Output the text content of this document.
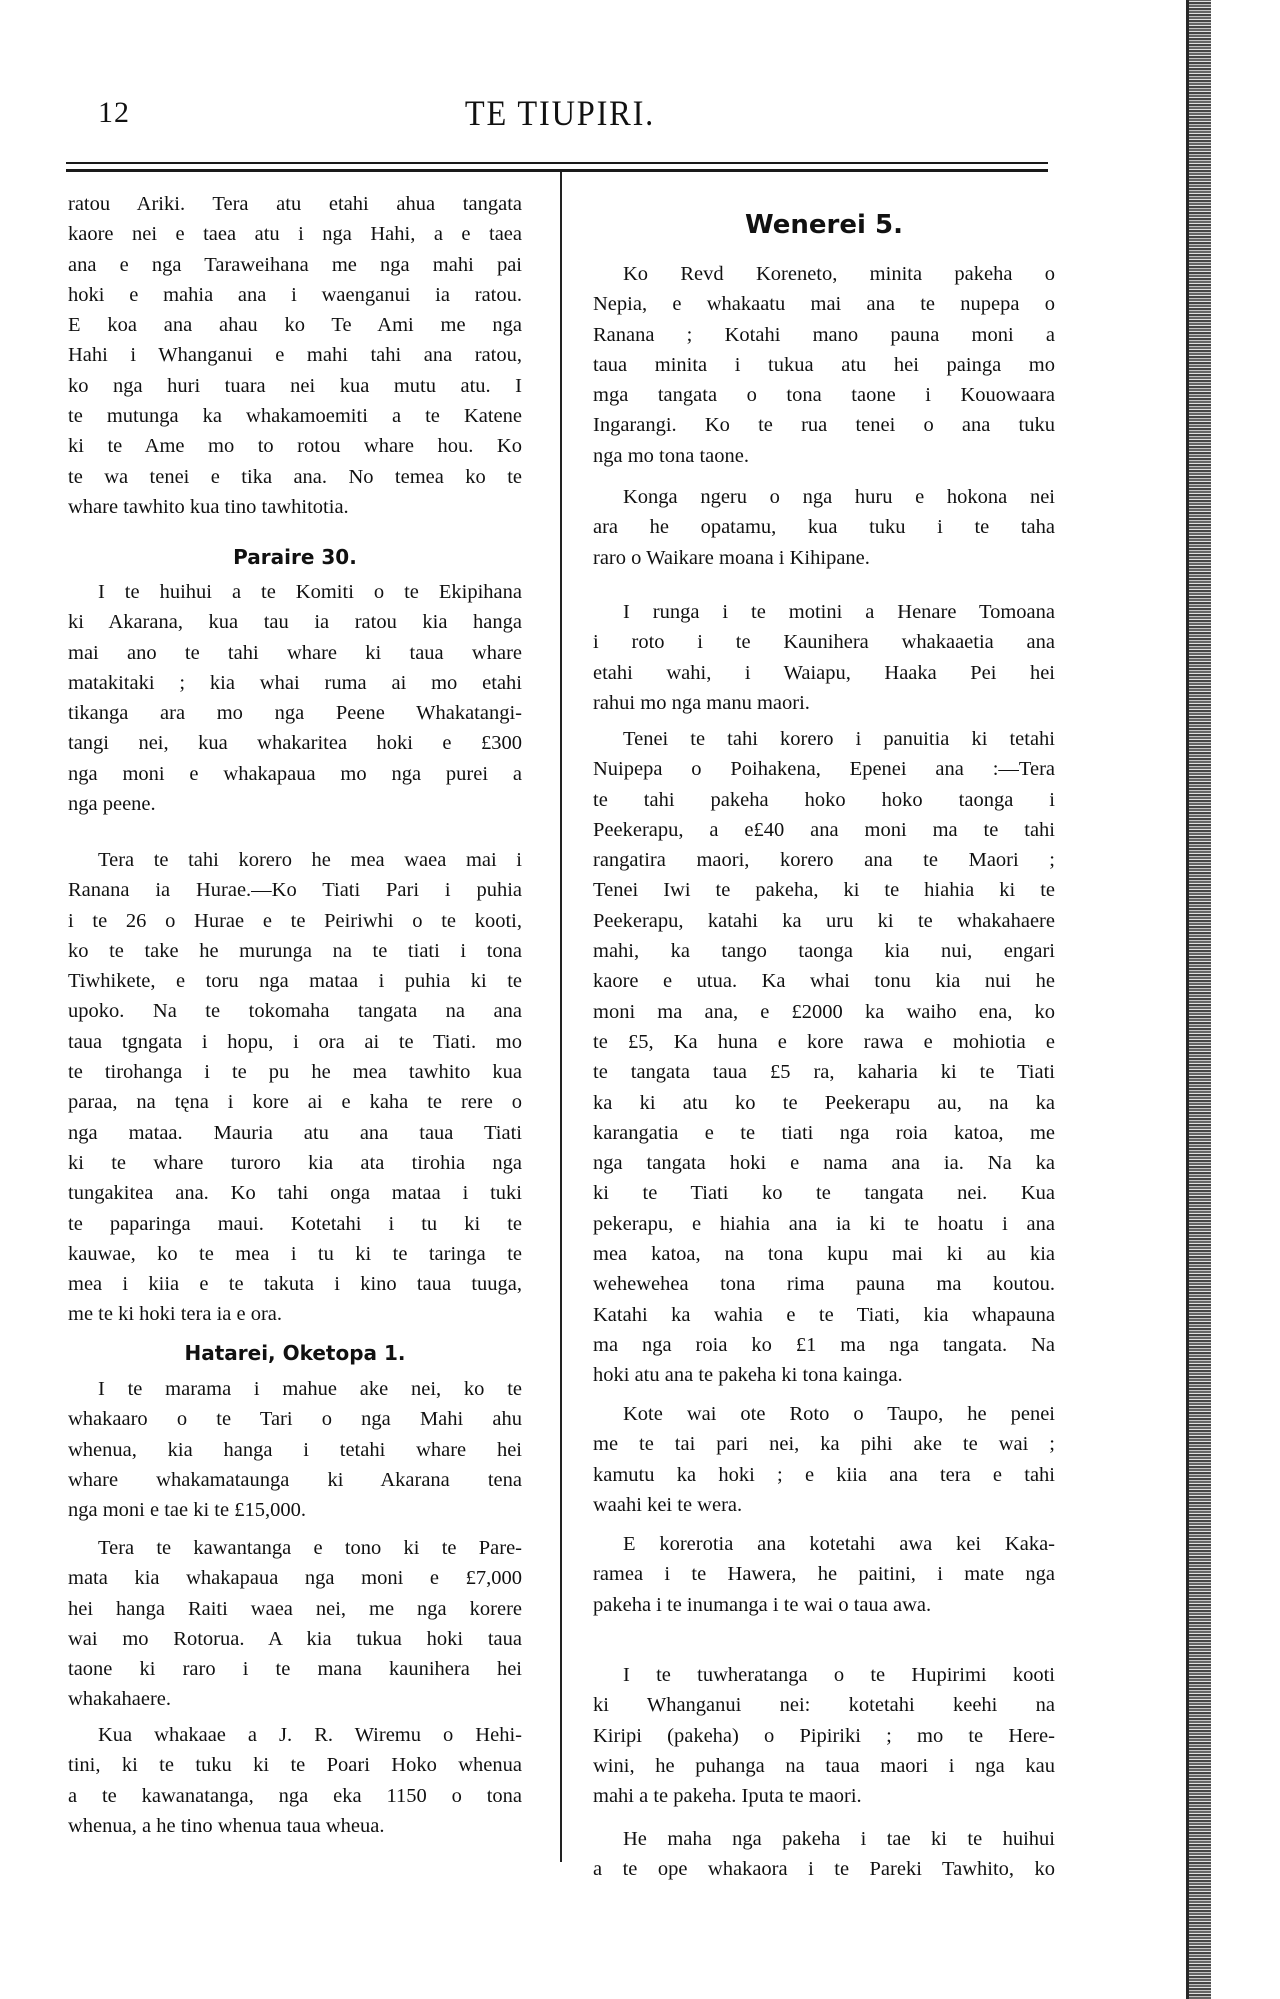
12	TE TIUPIRI.
ratou Ariki. Tera atu etahi ahua tangata
kaore nei e taea atu i nga Hahi, a e taea
ana e nga Taraweihana me nga mahi pai
hoki e mahia ana i waenganui ia ratou.
E koa ana ahau ko Te Ami me nga
Hahi i Whanganui e mahi tahi ana ratou,
ko nga huri tuara nei kua mutu atu. I
te mutunga ka whakamoemiti a te Katene
ki te Ame mo to rotou whare hou. Ko
te wa tenei e tika ana. No temea ko te
whare tawhito kua tino tawhitotia.
Paraire 30.
I te huihui a te Komiti o te Ekipihana
ki Akarana, kua tau ia ratou kia hanga
mai ano te tahi whare ki taua whare
matakitaki ; kia whai ruma ai mo etahi
tikanga ara mo nga Peene Whakatangi-
tangi nei, kua whakaritea hoki e £300
nga moni e whakapaua mo nga purei a
nga peene.
Tera te tahi korero he mea waea mai i
Ranana ia Hurae.—Ko Tiati Pari i puhia
i te 26 o Hurae e te Peiriwhi o te kooti,
ko te take he murunga na te tiati i tona
Tiwhikete, e toru nga mataa i puhia ki te
upoko. Na te tokomaha tangata na ana
taua tgngata i hopu, i ora ai te Tiati. mo
te tirohanga i te pu he mea tawhito kua
paraa, na tęna i kore ai e kaha te rere o
nga mataa. Mauria atu ana taua Tiati
ki te whare turoro kia ata tirohia nga
tungakitea ana. Ko tahi onga mataa i tuki
te paparinga maui. Kotetahi i tu ki te
kauwae, ko te mea i tu ki te taringa te
mea i kiia e te takuta i kino taua tuuga,
me te ki hoki tera ia e ora.
Hatarei, Oketopa 1.
I te marama i mahue ake nei, ko te
whakaaro o te Tari o nga Mahi ahu
whenua, kia hanga i tetahi whare hei
whare whakamataunga ki Akarana tena
nga moni e tae ki te £15,000.
Tera te kawantanga e tono ki te Pare-
mata kia whakapaua nga moni e £7,000
hei hanga Raiti waea nei, me nga korere
wai mo Rotorua. A kia tukua hoki taua
taone ki raro i te mana kaunihera hei
whakahaere.
Kua whakaae a J. R. Wiremu o Hehi-
tini, ki te tuku ki te Poari Hoko whenua
a te kawanatanga, nga eka 1150 o tona
whenua, a he tino whenua taua wheua.
Wenerei 5.
Ko Revd Koreneto, minita pakeha o
Nepia, e whakaatu mai ana te nupepa o
Ranana ; Kotahi mano pauna moni a
taua minita i tukua atu hei painga mo
mga tangata o tona taone i Kouowaara
Ingarangi. Ko te rua tenei o ana tuku
nga mo tona taone.
Konga ngeru o nga huru e hokona nei
ara he opatamu, kua tuku i te taha
raro o Waikare moana i Kihipane.
I runga i te motini a Henare Tomoana
i roto i te Kaunihera whakaaetia ana
etahi wahi, i Waiapu, Haaka Pei hei
rahui mo nga manu maori.
Tenei te tahi korero i panuitia ki tetahi
Nuipepa o Poihakena, Epenei ana :—Tera
te tahi pakeha hoko hoko taonga i
Peekerapu, a e£40 ana moni ma te tahi
rangatira maori, korero ana te Maori ;
Tenei Iwi te pakeha, ki te hiahia ki te
Peekerapu, katahi ka uru ki te whakahaere
mahi, ka tango taonga kia nui, engari
kaore e utua. Ka whai tonu kia nui he
moni ma ana, e £2000 ka waiho ena, ko
te £5, Ka huna e kore rawa e mohiotia e
te tangata taua £5 ra, kaharia ki te Tiati
ka ki atu ko te Peekerapu au, na ka
karangatia e te tiati nga roia katoa, me
nga tangata hoki e nama ana ia. Na ka
ki te Tiati ko te tangata nei. Kua
pekerapu, e hiahia ana ia ki te hoatu i ana
mea katoa, na tona kupu mai ki au kia
wehewehea tona rima pauna ma koutou.
Katahi ka wahia e te Tiati, kia whapauna
ma nga roia ko £1 ma nga tangata. Na
hoki atu ana te pakeha ki tona kainga.
Kote wai ote Roto o Taupo, he penei
me te tai pari nei, ka pihi ake te wai ;
kamutu ka hoki ; e kiia ana tera e tahi
waahi kei te wera.
E korerotia ana kotetahi awa kei Kaka-
ramea i te Hawera, he paitini, i mate nga
pakeha i te inumanga i te wai o taua awa.
I te tuwheratanga o te Hupirimi kooti
ki Whanganui nei: kotetahi keehi na
Kiripi (pakeha) o Pipiriki ; mo te Here-
wini, he puhanga na taua maori i nga kau
mahi a te pakeha. Iputa te maori.
He maha nga pakeha i tae ki te huihui
a te ope whakaora i te Pareki Tawhito, ko
